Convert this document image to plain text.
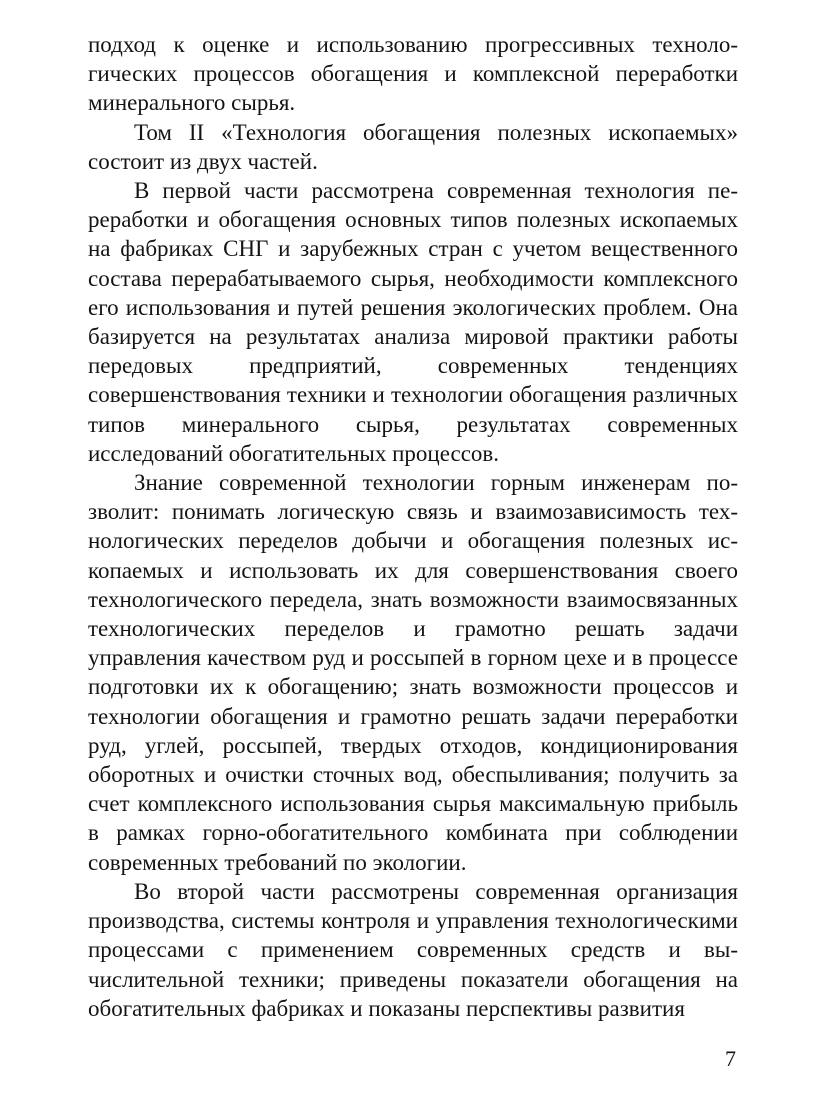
подход к оценке и использованию прогрессивных технологических процессов обогащения и комплексной переработки минерального сырья.

Том II «Технология обогащения полезных ископаемых» состоит из двух частей.

В первой части рассмотрена современная технология переработки и обогащения основных типов полезных ископаемых на фабриках СНГ и зарубежных стран с учетом вещественного состава перерабатываемого сырья, необходимости комплексного его использования и путей решения экологических проблем. Она базируется на результатах анализа мировой практики работы передовых предприятий, современных тенденциях совершенствования техники и технологии обогащения различных типов минерального сырья, результатах современных исследований обогатительных процессов.

Знание современной технологии горным инженерам позволит: понимать логическую связь и взаимозависимость технологических переделов добычи и обогащения полезных ископаемых и использовать их для совершенствования своего технологического передела, знать возможности взаимосвязанных технологических переделов и грамотно решать задачи управления качеством руд и россыпей в горном цехе и в процессе подготовки их к обогащению; знать возможности процессов и технологии обогащения и грамотно решать задачи переработки руд, углей, россыпей, твердых отходов, кондиционирования оборотных и очистки сточных вод, обеспыливания; получить за счет комплексного использования сырья максимальную прибыль в рамках горно-обогатительного комбината при соблюдении современных требований по экологии.

Во второй части рассмотрены современная организация производства, системы контроля и управления технологическими процессами с применением современных средств и вычислительной техники; приведены показатели обогащения на обогатительных фабриках и показаны перспективы развития

7
